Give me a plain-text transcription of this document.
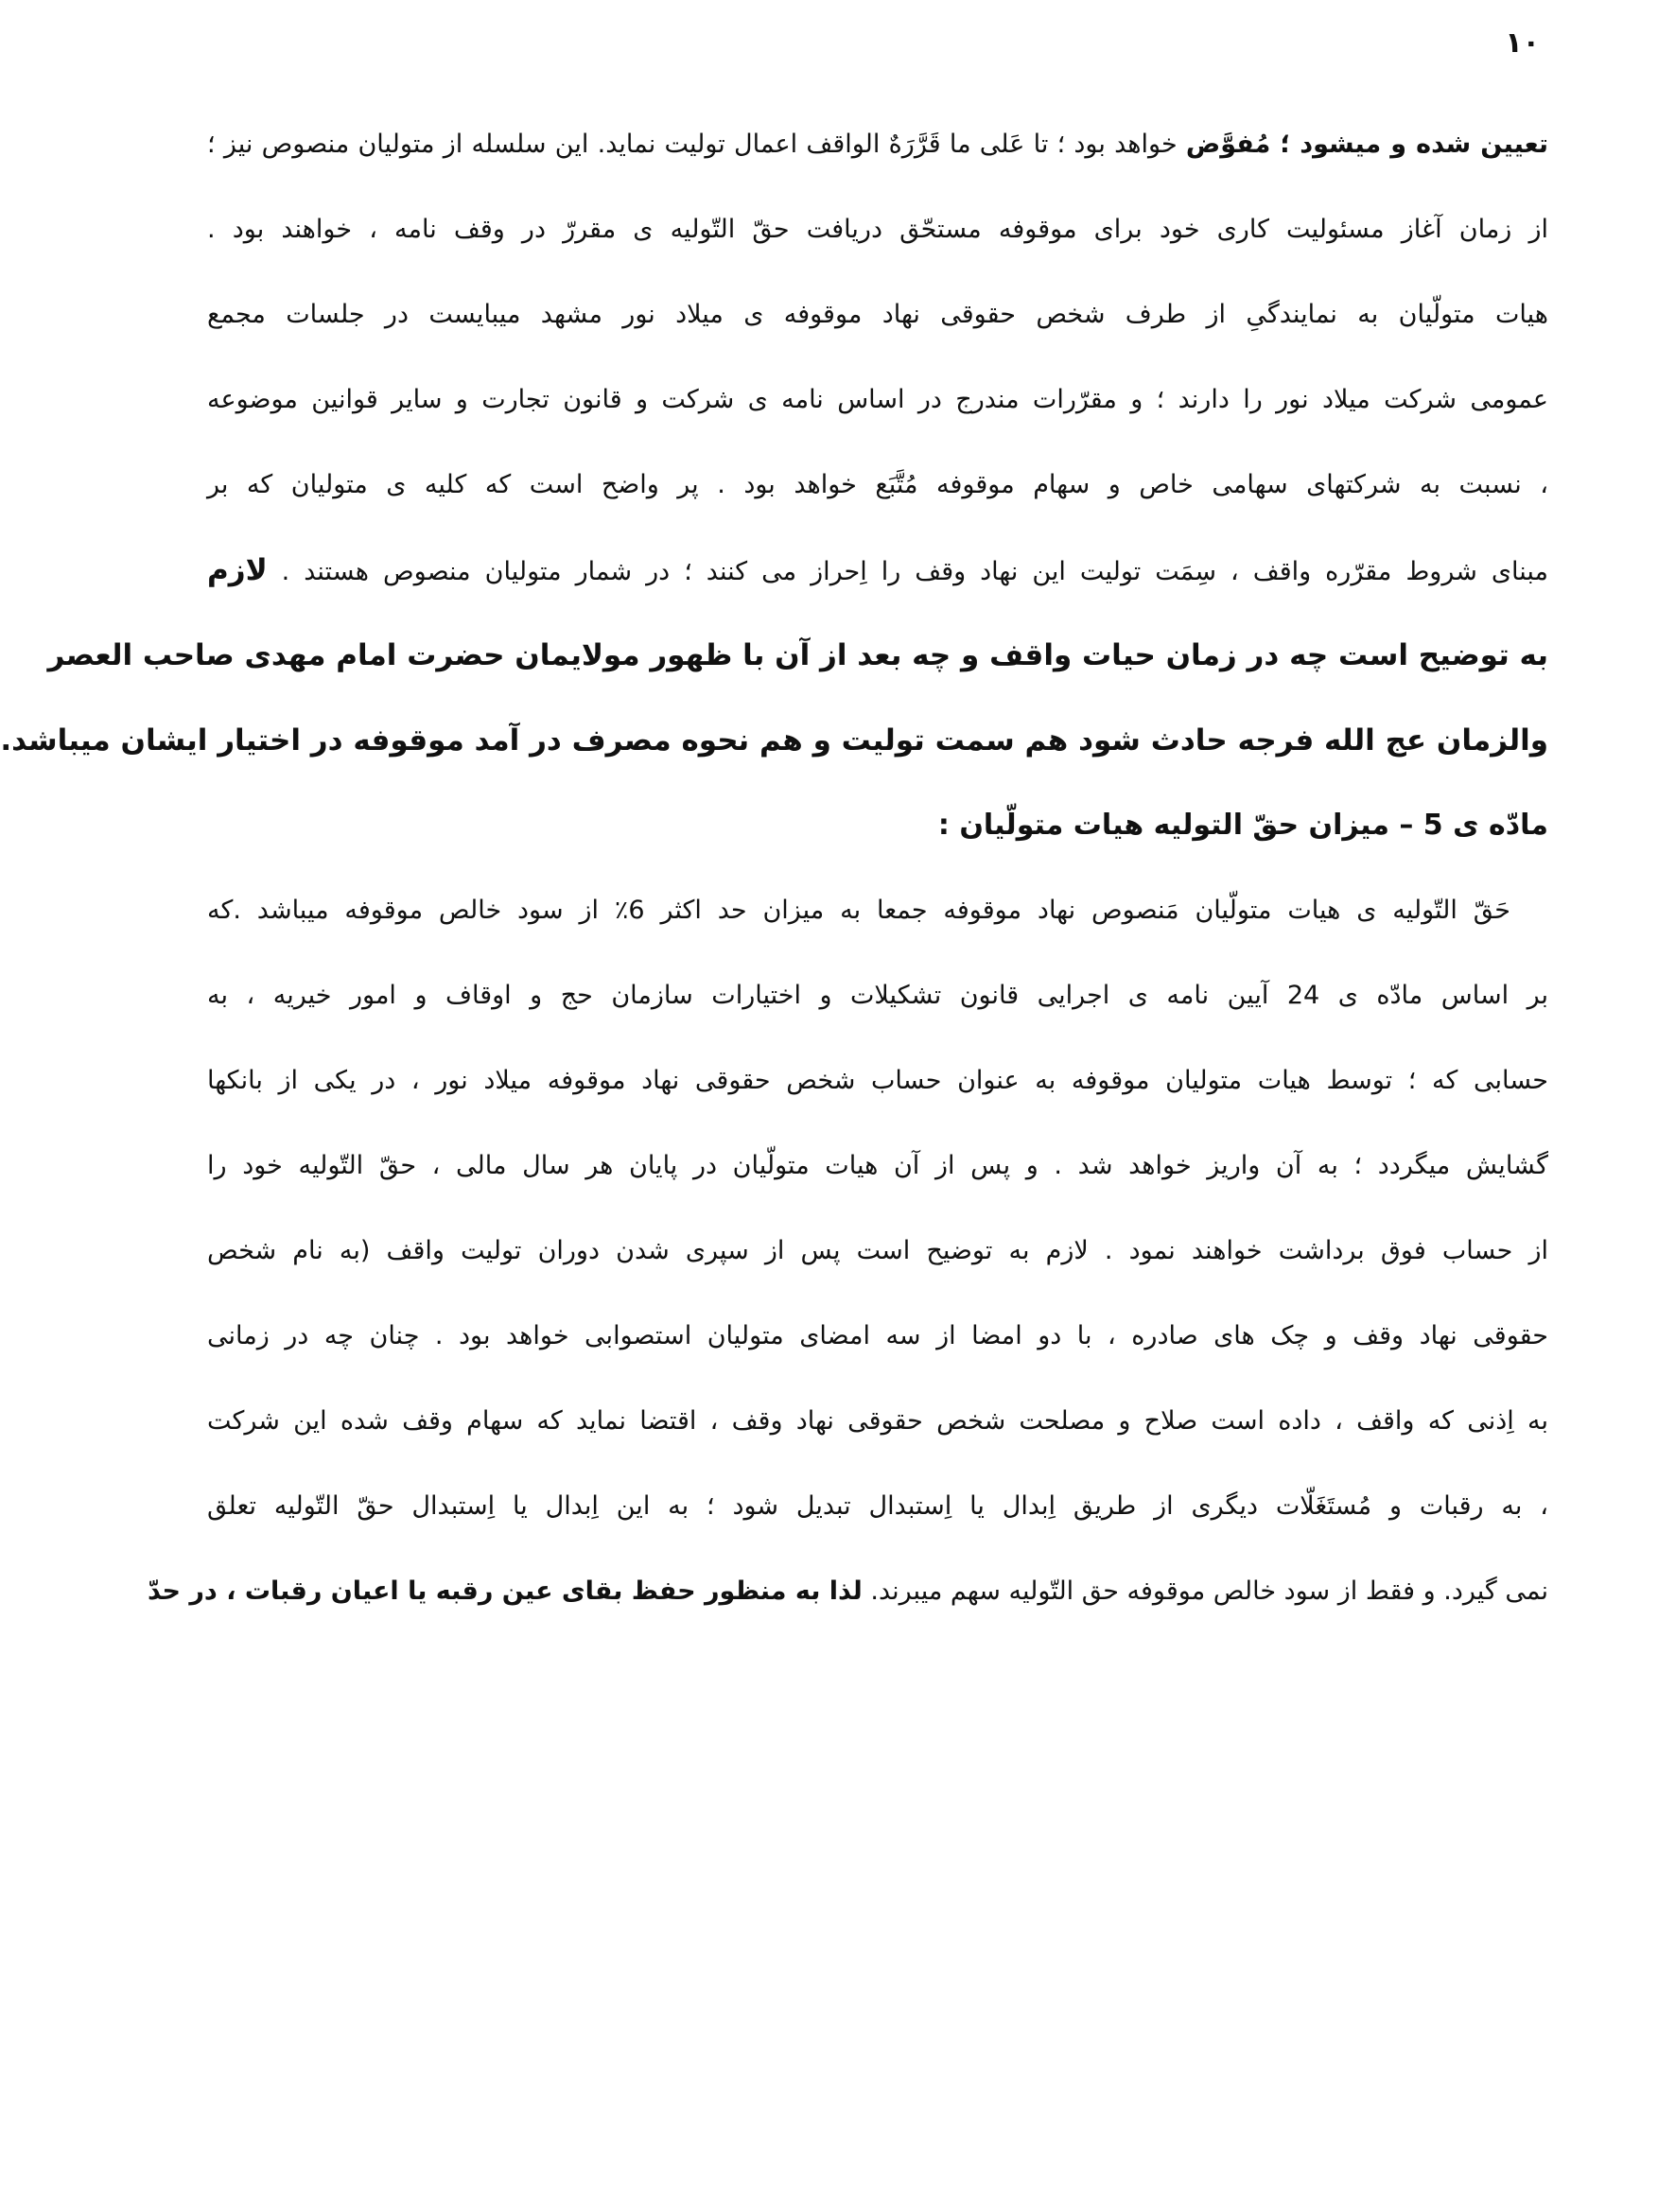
۱۰
تعیین شده و میشود ؛ مُفوَّض خواهد بود ؛ تا عَلی ما قَرَّرَهٌ الواقف اعمال تولیت نماید. این سلسله از متولیان منصوص نیز ؛
از زمان آغاز مسئولیت کاری خود برای موقوفه مستحّق دریافت حقّ التّولیه ی مقررّ در وقف نامه ، خواهند بود .
هیات متولّیان به نمایندگیِ از طرف شخص حقوقی نهاد موقوفه ی میلاد نور مشهد میبایست در جلسات مجمع
عمومی شرکت میلاد نور را دارند ؛ و مقرّرات مندرج در اساس نامه ی شرکت و قانون تجارت و سایر قوانین موضوعه
، نسبت به شرکتهای سهامی خاص و سهام موقوفه مُتَّبَع خواهد بود . پر واضح است که کلیه ی متولیان که بر
مبنای شروط مقرّره واقف ، سِمَت تولیت این نهاد وقف را اِحراز می کنند ؛ در شمار متولیان منصوص هستند . لازم
به توضیح است چه در زمان حیات واقف و چه بعد از آن با ظهور مولایمان حضرت امام مهدی صاحب العصر
والزمان عج الله فرجه حادث شود هم سمت تولیت و هم نحوه مصرف در آمد موقوفه در اختیار ایشان میباشد.
مادّه ی 5 – میزان حقّ التولیه هیات متولّیان :
حَقّ التّولیه ی هیات متولّیان مَنصوص نهاد موقوفه جمعا به میزان حد اکثر 6٪ از سود خالص موقوفه میباشد .که
بر اساس مادّه ی 24 آیین نامه ی اجرایی قانون تشکیلات و اختیارات سازمان حج و اوقاف و امور خیریه ، به
حسابی که ؛ توسط هیات متولیان موقوفه به عنوان حساب شخص حقوقی نهاد موقوفه میلاد نور ، در یکی از بانکها
گشایش میگردد ؛ به آن واریز خواهد شد . و پس از آن هیات متولّیان در پایان هر سال مالی ، حقّ التّولیه خود را
از حساب فوق برداشت خواهند نمود . لازم به توضیح است پس از سپری شدن دوران تولیت واقف (به نام شخص
حقوقی نهاد وقف و چک های صادره ، با دو امضا از سه امضای متولیان استصوابی خواهد بود . چنان چه در زمانی
به اِذنی که واقف ، داده است صلاح و مصلحت شخص حقوقی نهاد وقف ، اقتضا نماید که سهام وقف شده این شرکت
، به رقبات و مُستَغَلّات دیگری از طریق اِبدال یا اِستبدال تبدیل شود ؛ به این اِبدال یا اِستبدال حقّ التّولیه تعلق
نمی گیرد. و فقط از سود خالص موقوفه حق التّولیه سهم میبرند. لذا به منظور حفظ بقای عین رقبه یا اعیان رقبات ، در حدّ
